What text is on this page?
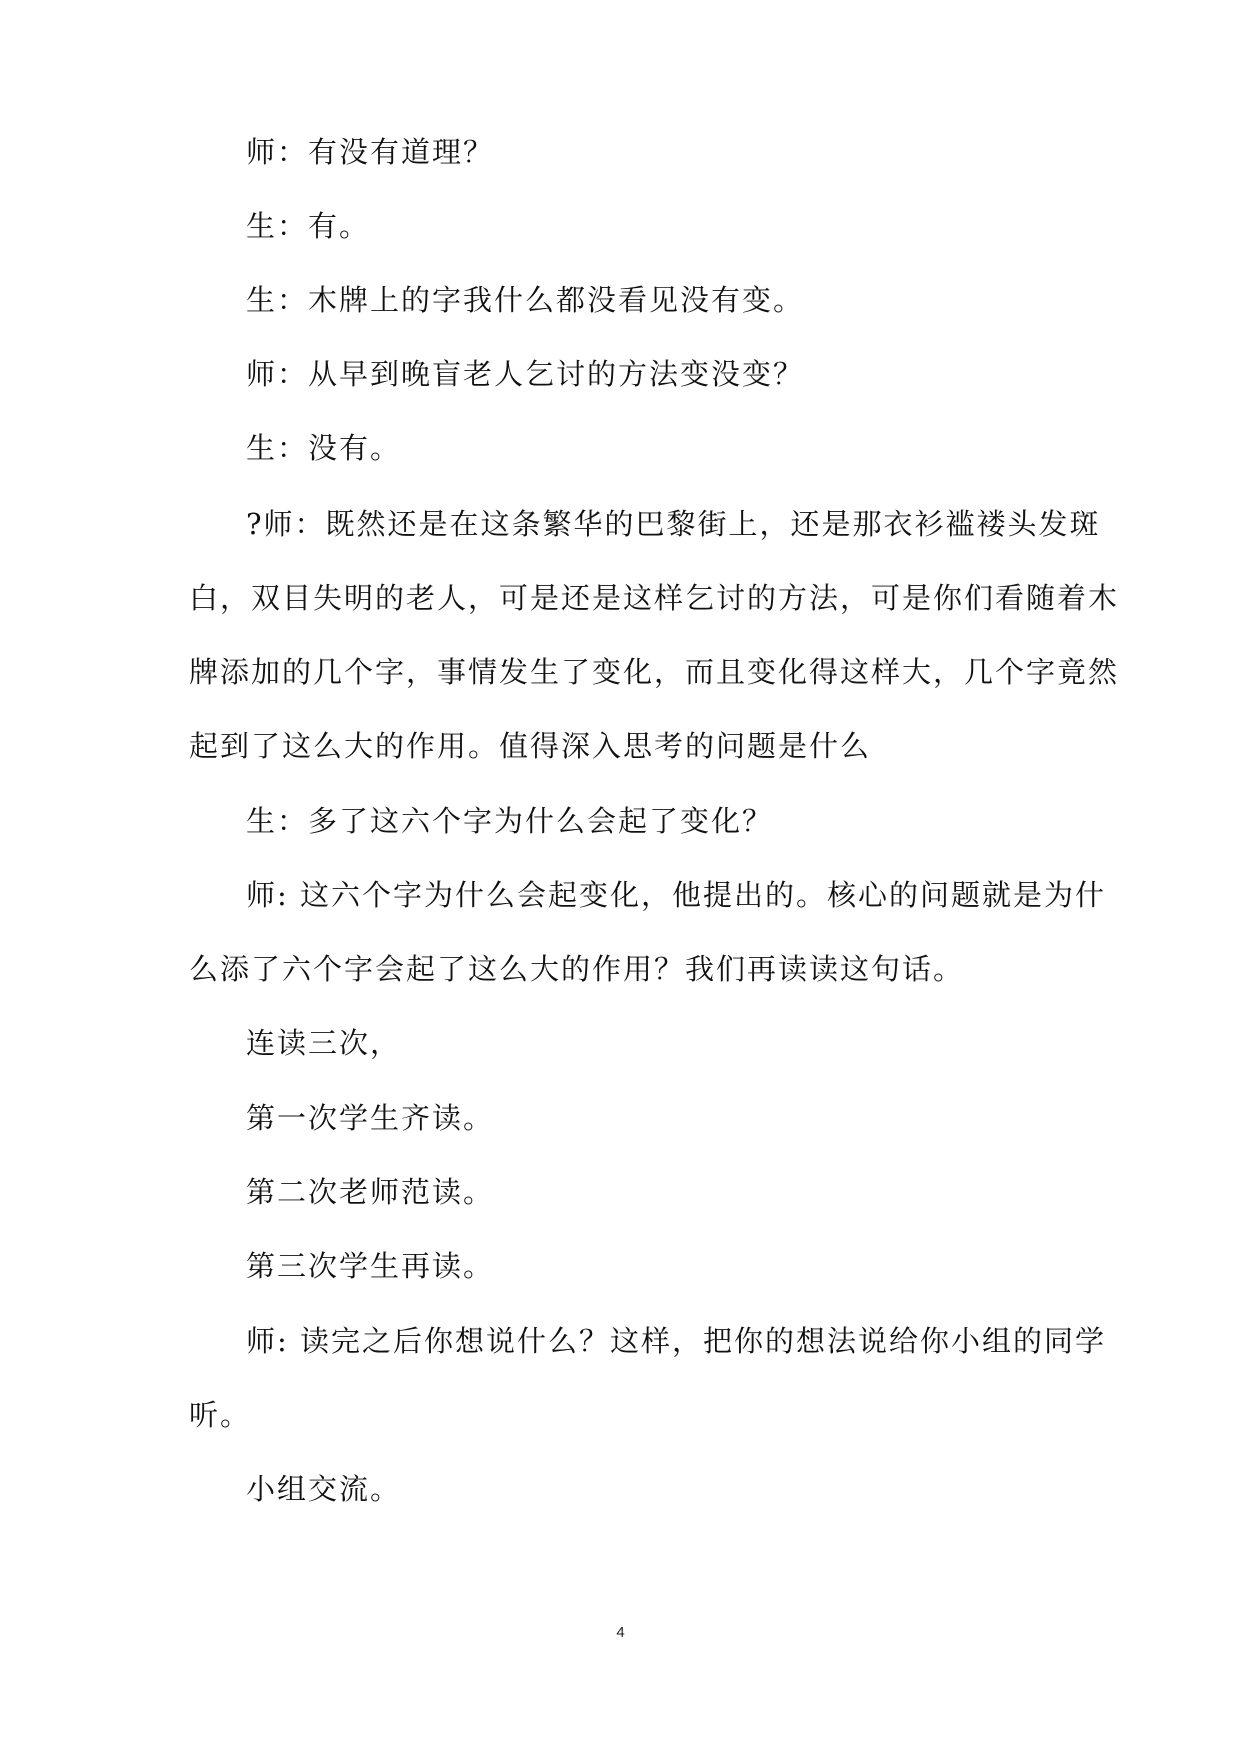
师：有没有道理？
生：有。
生：木牌上的字我什么都没看见没有变。
师：从早到晚盲老人乞讨的方法变没变？
生：没有。
?师：既然还是在这条繁华的巴黎街上，还是那衣衫褴褛头发斑
白，双目失明的老人，可是还是这样乞讨的方法，可是你们看随着木
牌添加的几个字，事情发生了变化，而且变化得这样大，几个字竟然
起到了这么大的作用。值得深入思考的问题是什么
生：多了这六个字为什么会起了变化？
师: 这六个字为什么会起变化，他提出的。核心的问题就是为什
么添了六个字会起了这么大的作用？我们再读读这句话。
连读三次，
第一次学生齐读。
第二次老师范读。
第三次学生再读。
师: 读完之后你想说什么？这样，把你的想法说给你小组的同学
听。
小组交流。
4
